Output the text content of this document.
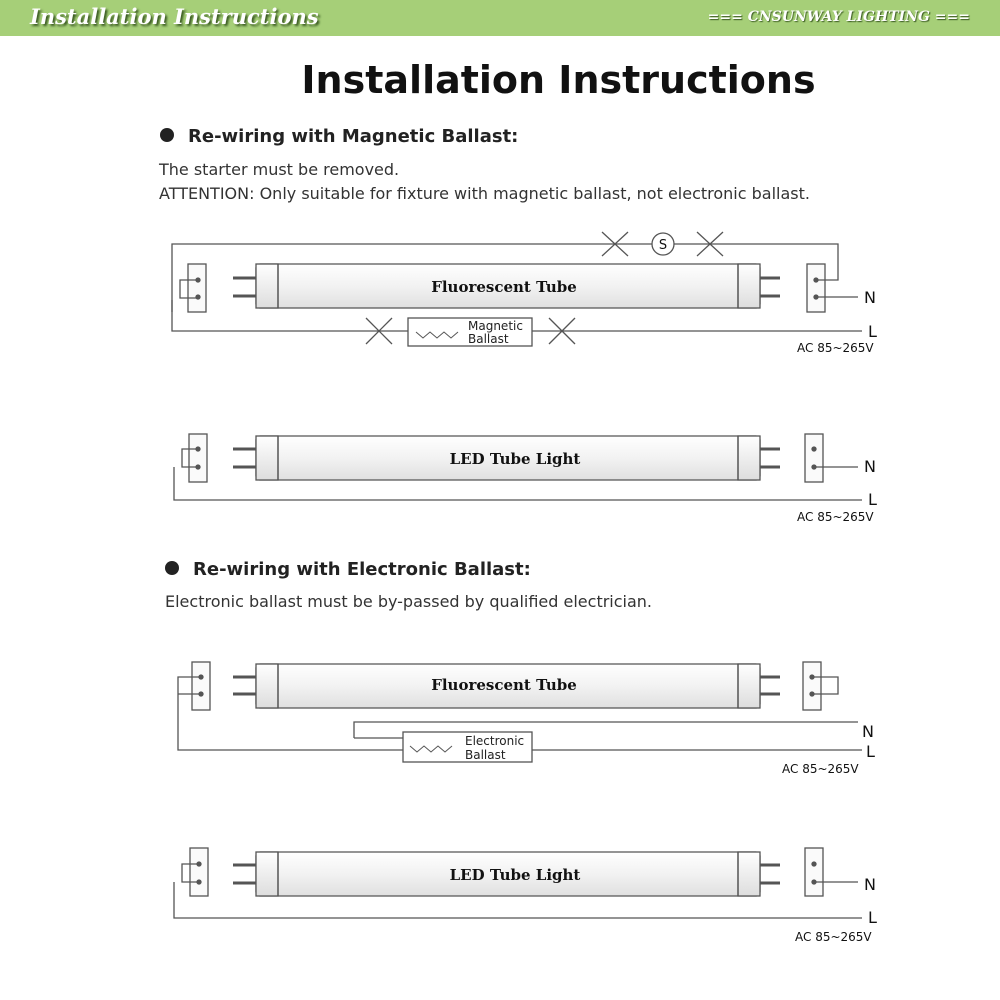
Installation Instructions	=== CNSUNWAY LIGHTING ===
Installation Instructions
Re-wiring with Magnetic Ballast:
The starter must be removed.
ATTENTION: Only suitable for fixture with magnetic ballast, not electronic ballast.
Re-wiring with Electronic Ballast:
Electronic ballast must be by-passed by qualified electrician.
Fluorescent Tube
S
Magnetic
Ballast
N
L
AC 85~265V
LED Tube Light	N
L
AC 85~265V
Fluorescent Tube
Electronic
Ballast
N
L
AC 85~265V
LED Tube Light	N
L
AC 85~265V
